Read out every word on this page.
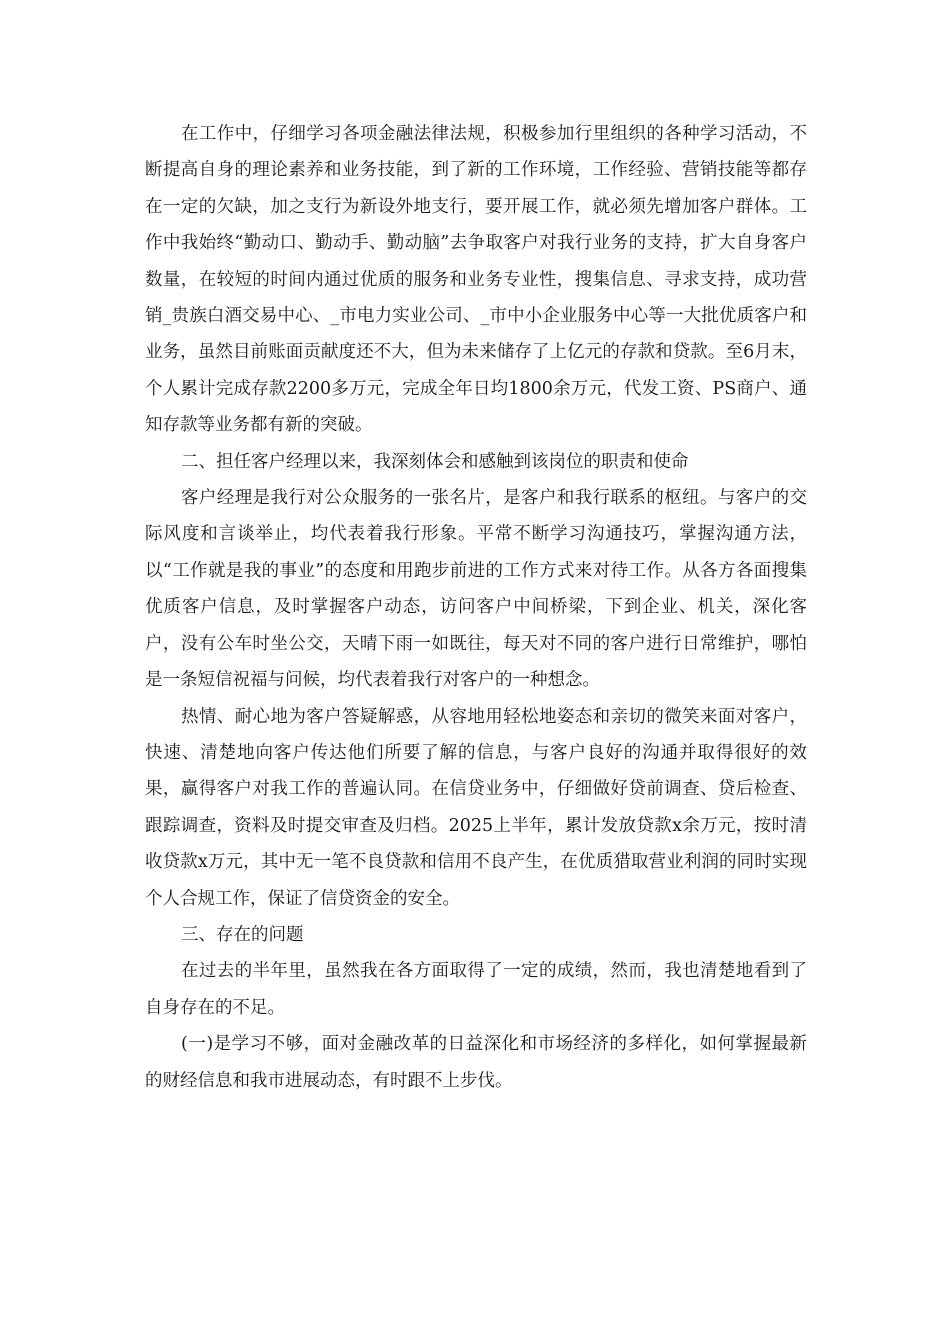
在工作中，仔细学习各项金融法律法规，积极参加行里组织的各种学习活动，不断提高自身的理论素养和业务技能，到了新的工作环境，工作经验、营销技能等都存在一定的欠缺，加之支行为新设外地支行，要开展工作，就必须先增加客户群体。工作中我始终“勤动口、勤动手、勤动脑”去争取客户对我行业务的支持，扩大自身客户数量，在较短的时间内通过优质的服务和业务专业性，搜集信息、寻求支持，成功营销_贵族白酒交易中心、_市电力实业公司、_市中小企业服务中心等一大批优质客户和业务，虽然目前账面贡献度还不大，但为未来储存了上亿元的存款和贷款。至6月末，个人累计完成存款2200多万元，完成全年日均1800余万元，代发工资、PS商户、通知存款等业务都有新的突破。

二、担任客户经理以来，我深刻体会和感触到该岗位的职责和使命

客户经理是我行对公众服务的一张名片，是客户和我行联系的枢纽。与客户的交际风度和言谈举止，均代表着我行形象。平常不断学习沟通技巧，掌握沟通方法，以“工作就是我的事业”的态度和用跑步前进的工作方式来对待工作。从各方各面搜集优质客户信息，及时掌握客户动态，访问客户中间桥梁，下到企业、机关，深化客户，没有公车时坐公交，天晴下雨一如既往，每天对不同的客户进行日常维护，哪怕是一条短信祝福与问候，均代表着我行对客户的一种想念。

热情、耐心地为客户答疑解惑，从容地用轻松地姿态和亲切的微笑来面对客户，快速、清楚地向客户传达他们所要了解的信息，与客户良好的沟通并取得很好的效果，赢得客户对我工作的普遍认同。在信贷业务中，仔细做好贷前调查、贷后检查、跟踪调查，资料及时提交审查及归档。2025上半年，累计发放贷款x余万元，按时清收贷款x万元，其中无一笔不良贷款和信用不良产生，在优质猎取营业利润的同时实现个人合规工作，保证了信贷资金的安全。

三、存在的问题

在过去的半年里，虽然我在各方面取得了一定的成绩，然而，我也清楚地看到了自身存在的不足。

(一)是学习不够，面对金融改革的日益深化和市场经济的多样化，如何掌握最新的财经信息和我市进展动态，有时跟不上步伐。
